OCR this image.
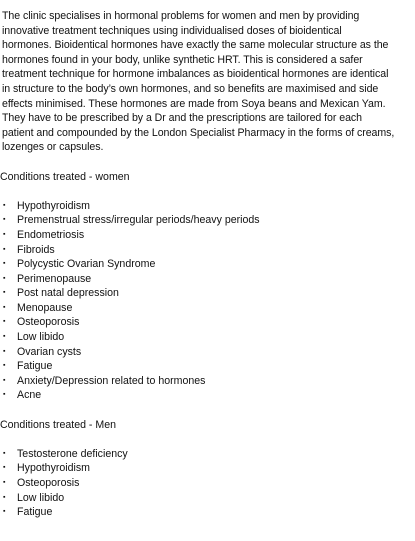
The clinic specialises in hormonal problems for women and men by providing
innovative treatment techniques using individualised doses of bioidentical
hormones. Bioidentical hormones have exactly the same molecular structure as the
hormones found in your body, unlike synthetic HRT. This is considered a safer
treatment technique for hormone imbalances as bioidentical hormones are identical
in structure to the body’s own hormones, and so benefits are maximised and side
effects minimised. These hormones are made from Soya beans and Mexican Yam.
They have to be prescribed by a Dr and the prescriptions are tailored for each
patient and compounded by the London Specialist Pharmacy in the forms of creams,
lozenges or capsules.
Conditions treated - women
▪ Hypothyroidism
▪ Premenstrual stress/irregular periods/heavy periods
▪ Endometriosis
▪ Fibroids
▪ Polycystic Ovarian Syndrome
▪ Perimenopause
▪ Post natal depression
▪ Menopause
▪ Osteoporosis
▪ Low libido
▪ Ovarian cysts
▪ Fatigue
▪ Anxiety/Depression related to hormones
▪ Acne
Conditions treated - Men
▪ Testosterone deficiency
▪ Hypothyroidism
▪ Osteoporosis
▪ Low libido
▪ Fatigue
